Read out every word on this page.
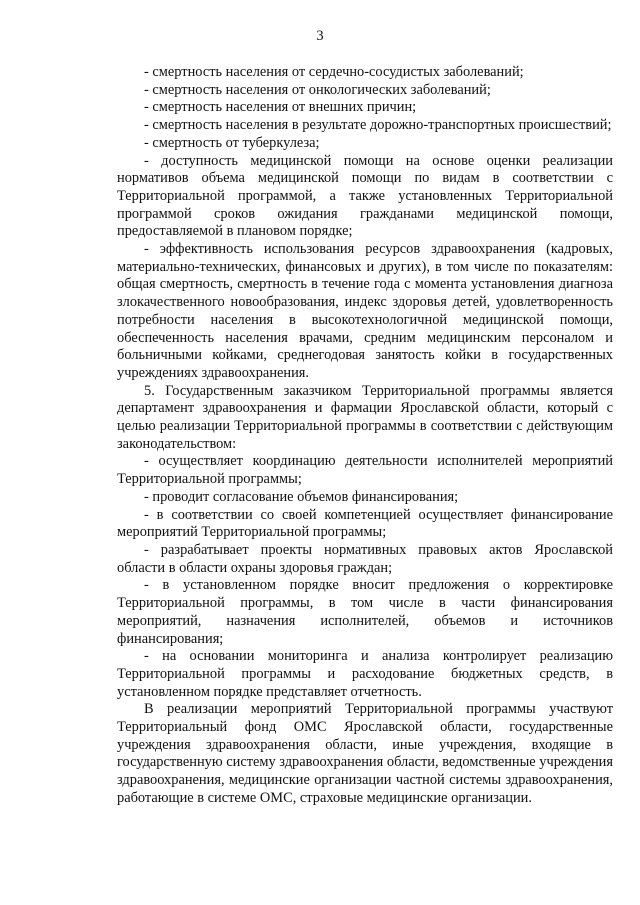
3

- смертность населения от сердечно-сосудистых заболеваний;

- смертность населения от онкологических заболеваний;

- смертность населения от внешних причин;

- смертность населения в результате дорожно-транспортных происшествий;

- смертность от туберкулеза;

- доступность медицинской помощи на основе оценки реализации нормативов объема медицинской помощи по видам в соответствии с Территориальной программой, а также установленных Территориальной программой сроков ожидания гражданами медицинской помощи, предоставляемой в плановом порядке;

- эффективность использования ресурсов здравоохранения (кадровых, материально-технических, финансовых и других), в том числе по показателям: общая смертность, смертность в течение года с момента установления диагноза злокачественного новообразования, индекс здоровья детей, удовлетворенность потребности населения в высокотехнологичной медицинской помощи, обеспеченность населения врачами, средним медицинским персоналом и больничными койками, среднегодовая занятость койки в государственных учреждениях здравоохранения.

5. Государственным заказчиком Территориальной программы является департамент здравоохранения и фармации Ярославской области, который с целью реализации Территориальной программы в соответствии с действующим законодательством:

- осуществляет координацию деятельности исполнителей мероприятий Территориальной программы;

- проводит согласование объемов финансирования;

- в соответствии со своей компетенцией осуществляет финансирование мероприятий Территориальной программы;

- разрабатывает проекты нормативных правовых актов Ярославской области в области охраны здоровья граждан;

- в установленном порядке вносит предложения о корректировке Территориальной программы, в том числе в части финансирования мероприятий, назначения исполнителей, объемов и источников финансирования;

- на основании мониторинга и анализа контролирует реализацию Территориальной программы и расходование бюджетных средств, в установленном порядке представляет отчетность.

В реализации мероприятий Территориальной программы участвуют Территориальный фонд ОМС Ярославской области, государственные учреждения здравоохранения области, иные учреждения, входящие в государственную систему здравоохранения области, ведомственные учреждения здравоохранения, медицинские организации частной системы здравоохранения, работающие в системе ОМС, страховые медицинские организации.
